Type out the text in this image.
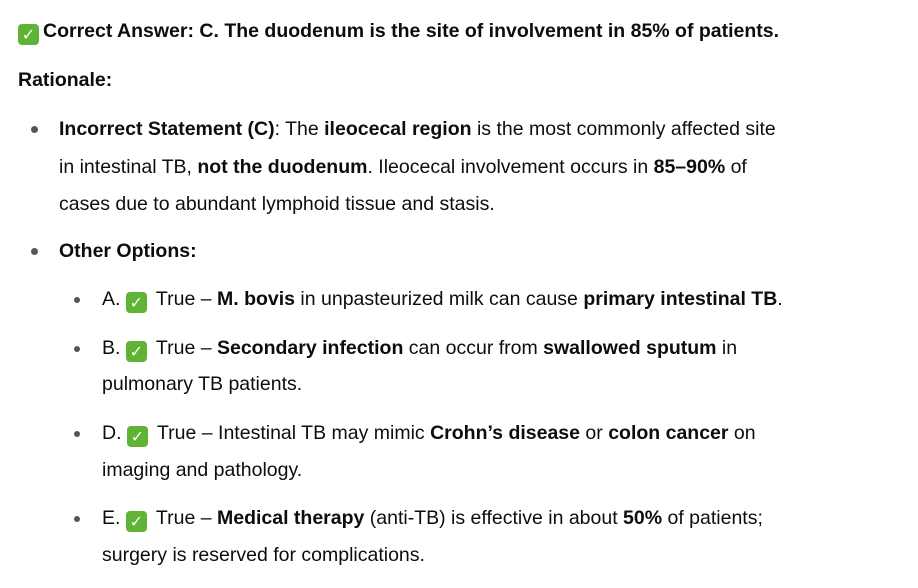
✓ Correct Answer: C. The duodenum is the site of involvement in 85% of patients.
Rationale:
Incorrect Statement (C): The ileocecal region is the most commonly affected site
in intestinal TB, not the duodenum. Ileocecal involvement occurs in 85–90% of
cases due to abundant lymphoid tissue and stasis.
Other Options:
A. ✓ True – M. bovis in unpasteurized milk can cause primary intestinal TB.
B. ✓ True – Secondary infection can occur from swallowed sputum in
pulmonary TB patients.
D. ✓ True – Intestinal TB may mimic Crohn’s disease or colon cancer on
imaging and pathology.
E. ✓ True – Medical therapy (anti-TB) is effective in about 50% of patients;
surgery is reserved for complications.
